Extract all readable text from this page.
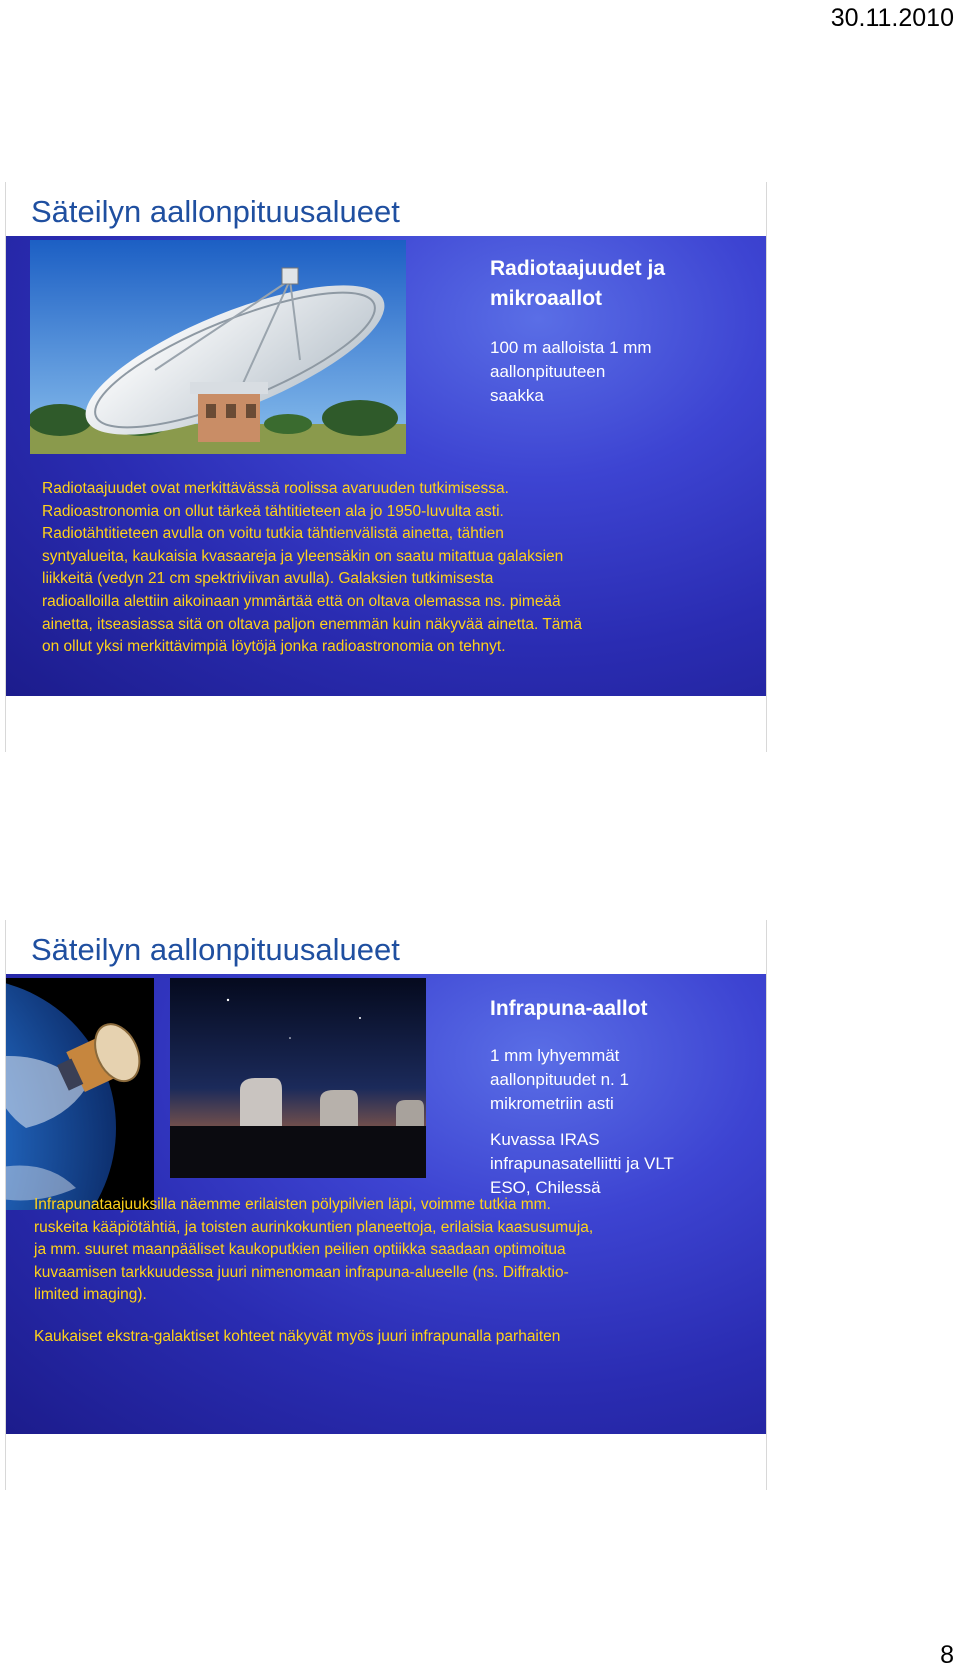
30.11.2010
Säteilyn aallonpituusalueet
Radiotaajuudet ja
mikroaallot
100 m aalloista 1 mm
aallonpituuteen
saakka
Radiotaajuudet ovat merkittävässä roolissa avaruuden tutkimisessa.
Radioastronomia on ollut tärkeä tähtitieteen ala jo 1950-luvulta asti.
Radiotähtitieteen avulla on voitu tutkia tähtienvälistä ainetta, tähtien
syntyalueita, kaukaisia kvasaareja ja yleensäkin on saatu mitattua galaksien
liikkeitä (vedyn 21 cm spektriviivan avulla). Galaksien tutkimisesta
radioalloilla alettiin aikoinaan ymmärtää että on oltava olemassa ns. pimeää
ainetta, itseasiassa sitä on oltava paljon enemmän kuin näkyvää ainetta. Tämä
on ollut yksi merkittävimpiä löytöjä jonka radioastronomia on tehnyt.
Säteilyn aallonpituusalueet
Infrapuna-aallot
1 mm lyhyemmät
aallonpituudet n. 1
mikrometriin asti
Kuvassa IRAS
infrapunasatelliitti ja VLT
ESO, Chilessä
Infrapunataajuuksilla näemme erilaisten pölypilvien läpi, voimme tutkia mm.
ruskeita kääpiötähtiä, ja toisten aurinkokuntien planeettoja, erilaisia kaasusumuja,
ja mm. suuret maanpääliset kaukoputkien peilien optiikka saadaan optimoitua
kuvaamisen tarkkuudessa juuri nimenomaan infrapuna-alueelle (ns. Diffraktio-
limited imaging).
Kaukaiset ekstra-galaktiset kohteet näkyvät myös juuri infrapunalla parhaiten
8
